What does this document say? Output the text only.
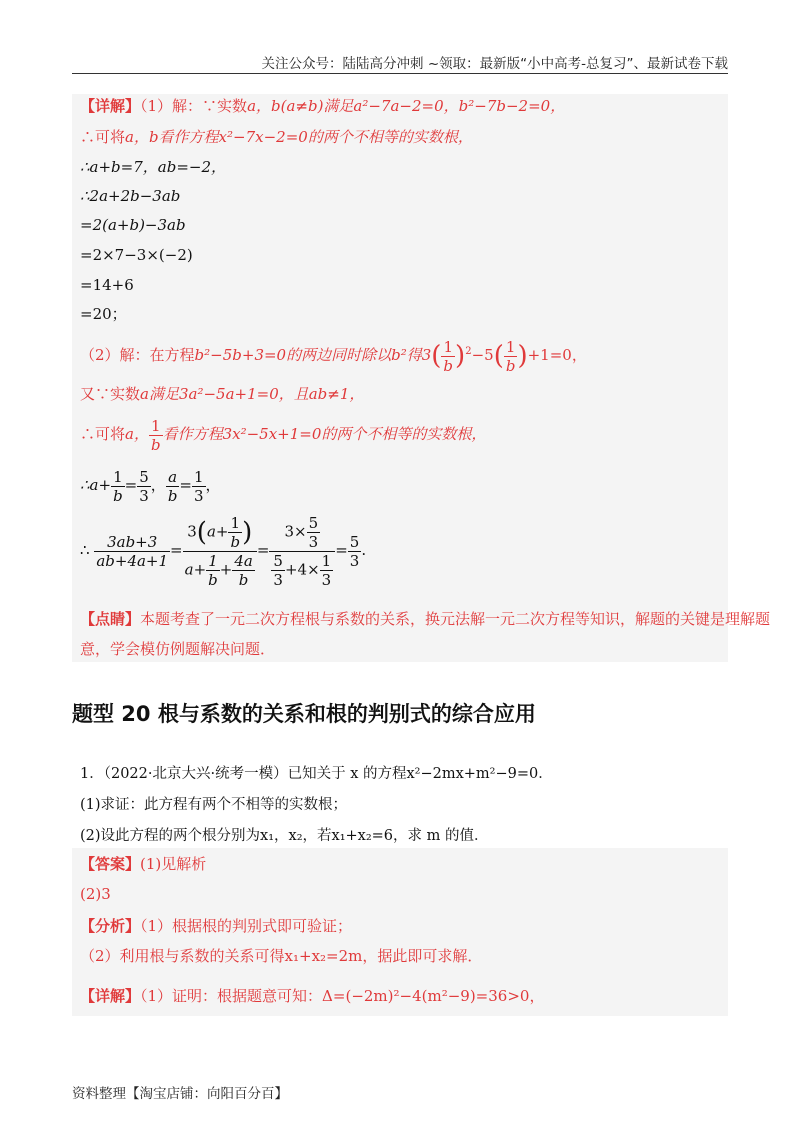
关注公众号：陆陆高分冲刺 ~领取：最新版“小中高考-总复习”、最新试卷下载
【详解】（1）解：∵实数a，b(a≠b)满足a²−7a−2=0，b²−7b−2=0，
∴可将a，b看作方程x²−7x−2=0的两个不相等的实数根，
∴a+b=7，ab=−2，
∴2a+2b−3ab
=2(a+b)−3ab
=2×7−3×(−2)
=14+6
=20；
（2）解：在方程b²−5b+3=0的两边同时除以b²得$3( \frac{1}{b} )^2-5( \frac{1}{b} )+1=0$，
又∵实数a满足3a²−5a+1=0，且ab≠1，
∴可将a， $\frac{1}{b}$ 看作方程3x²−5x+1=0的两个不相等的实数根，
∴a+ $\frac{1}{b} = \frac{5}{3}$ ， $\frac{a}{b} = \frac{1}{3}$ ，
∴ $\frac{3ab+3}{ab+4a+1} = \frac{3(a+ \frac{1}{b} )}{a+ \frac{1}{b} + \frac{4a}{b}} = \frac{3\times \frac{5}{3}}{\frac{5}{3} +4\times \frac{1}{3}} = \frac{5}{3}$ .
【点睛】本题考查了一元二次方程根与系数的关系，换元法解一元二次方程等知识，解题的关键是理解题
意，学会模仿例题解决问题．
题型 20 根与系数的关系和根的判别式的综合应用
1．（2022·北京大兴·统考一模）已知关于 x 的方程x²−2mx+m²−9=0．
(1)求证：此方程有两个不相等的实数根；
(2)设此方程的两个根分别为x₁，x₂，若x₁+x₂=6，求 m 的值．
【答案】(1)见解析
(2)3
【分析】（1）根据根的判别式即可验证；
（2）利用根与系数的关系可得x₁+x₂=2m，据此即可求解．
【详解】（1）证明：根据题意可知：Δ=(−2m)²−4(m²−9)=36>0，
资料整理【淘宝店铺：向阳百分百】
